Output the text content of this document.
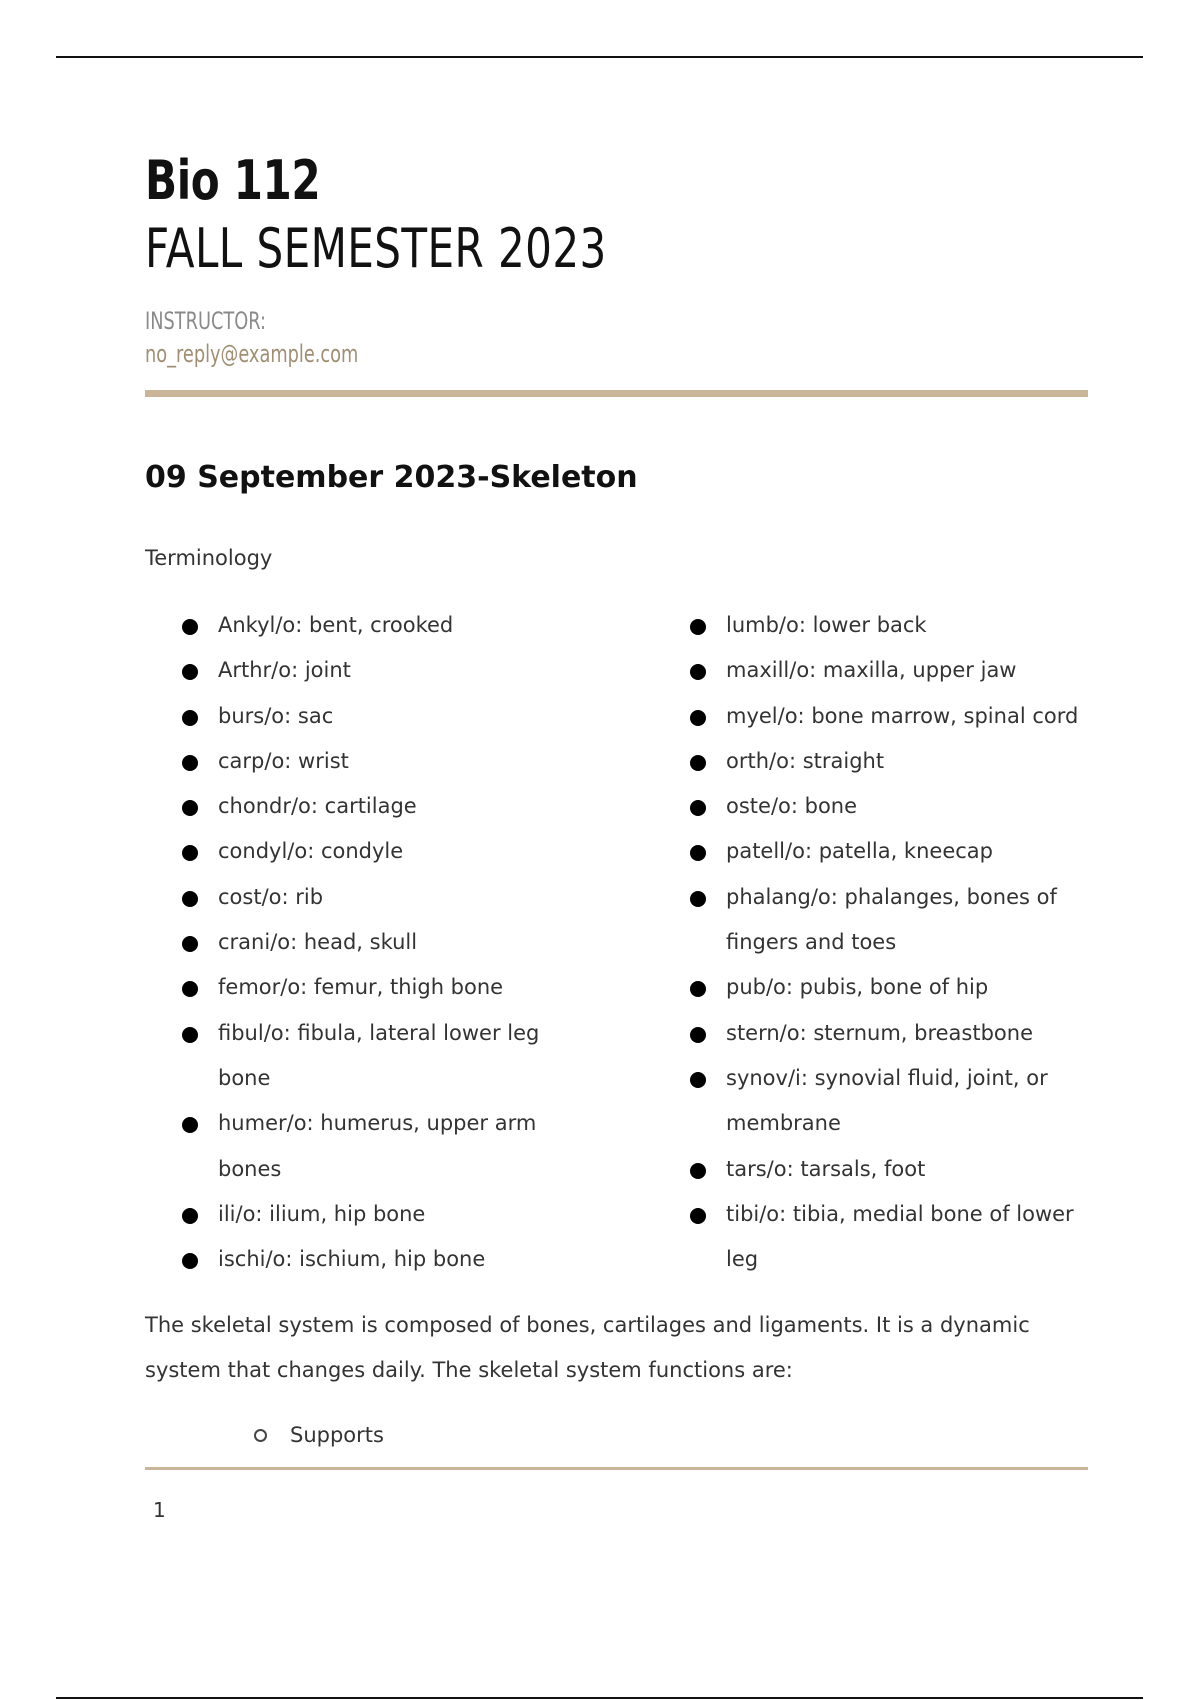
Bio 112
FALL SEMESTER 2023
INSTRUCTOR:
no_reply@example.com
09 September 2023-Skeleton

Terminology

Ankyl/o: bent, crooked
Arthr/o: joint
burs/o: sac
carp/o: wrist
chondr/o: cartilage
condyl/o: condyle
cost/o: rib
crani/o: head, skull
femor/o: femur, thigh bone
fibul/o: fibula, lateral lower leg bone
humer/o: humerus, upper arm bones
ili/o: ilium, hip bone
ischi/o: ischium, hip bone
lumb/o: lower back
maxill/o: maxilla, upper jaw
myel/o: bone marrow, spinal cord
orth/o: straight
oste/o: bone
patell/o: patella, kneecap
phalang/o: phalanges, bones of fingers and toes
pub/o: pubis, bone of hip
stern/o: sternum, breastbone
synov/i: synovial fluid, joint, or membrane
tars/o: tarsals, foot
tibi/o: tibia, medial bone of lower leg

The skeletal system is composed of bones, cartilages and ligaments. It is a dynamic system that changes daily. The skeletal system functions are:

Supports
1
